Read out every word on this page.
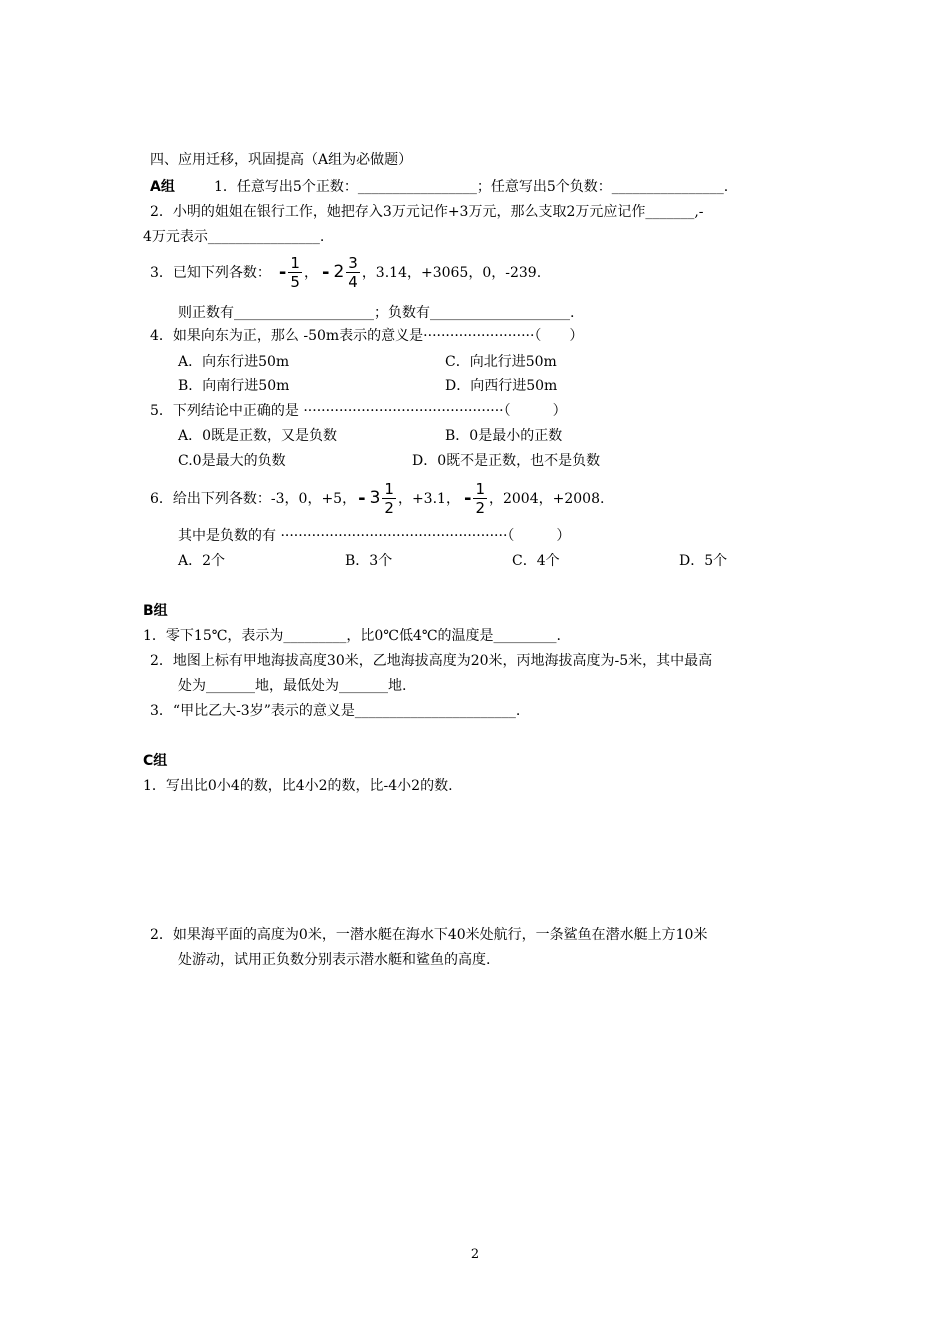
四、应用迁移，巩固提高（A组为必做题）
A组	1．任意写出5个正数：_________________；任意写出5个负数：________________.
2．小明的姐姐在银行工作，她把存入3万元记作+3万元，那么支取2万元应记作_______,-
4万元表示________________.
3．已知下列各数： - $\frac{1}{5}$ ， - $2 \frac{3}{4}$ ，3.14，+3065，0，-239.
则正数有____________________；负数有____________________.
4．如果向东为正，那么 -50m表示的意义是·························（　　）
A．向东行进50m	C．向北行进50m
B．向南行进50m	D．向西行进50m
5．下列结论中正确的是 ·············································（　　　）
A．0既是正数，又是负数	B．0是最小的正数
C.0是最大的负数	D．0既不是正数，也不是负数
6．给出下列各数：-3，0，+5， - $3 \frac{1}{2}$ ，+3.1， - $\frac{1}{2}$ ，2004，+2008.
其中是负数的有 ···················································（　　　）
A．2个	B．3个	C．4个	D．5个
B组
1．零下15℃，表示为_________，比0℃低4℃的温度是_________.
2．地图上标有甲地海拔高度30米，乙地海拔高度为20米，丙地海拔高度为-5米，其中最高
处为_______地，最低处为_______地.
3．“甲比乙大-3岁”表示的意义是_______________________.
C组
1．写出比0小4的数，比4小2的数，比-4小2的数.
2．如果海平面的高度为0米，一潜水艇在海水下40米处航行，一条鲨鱼在潜水艇上方10米
处游动，试用正负数分别表示潜水艇和鲨鱼的高度.
2
